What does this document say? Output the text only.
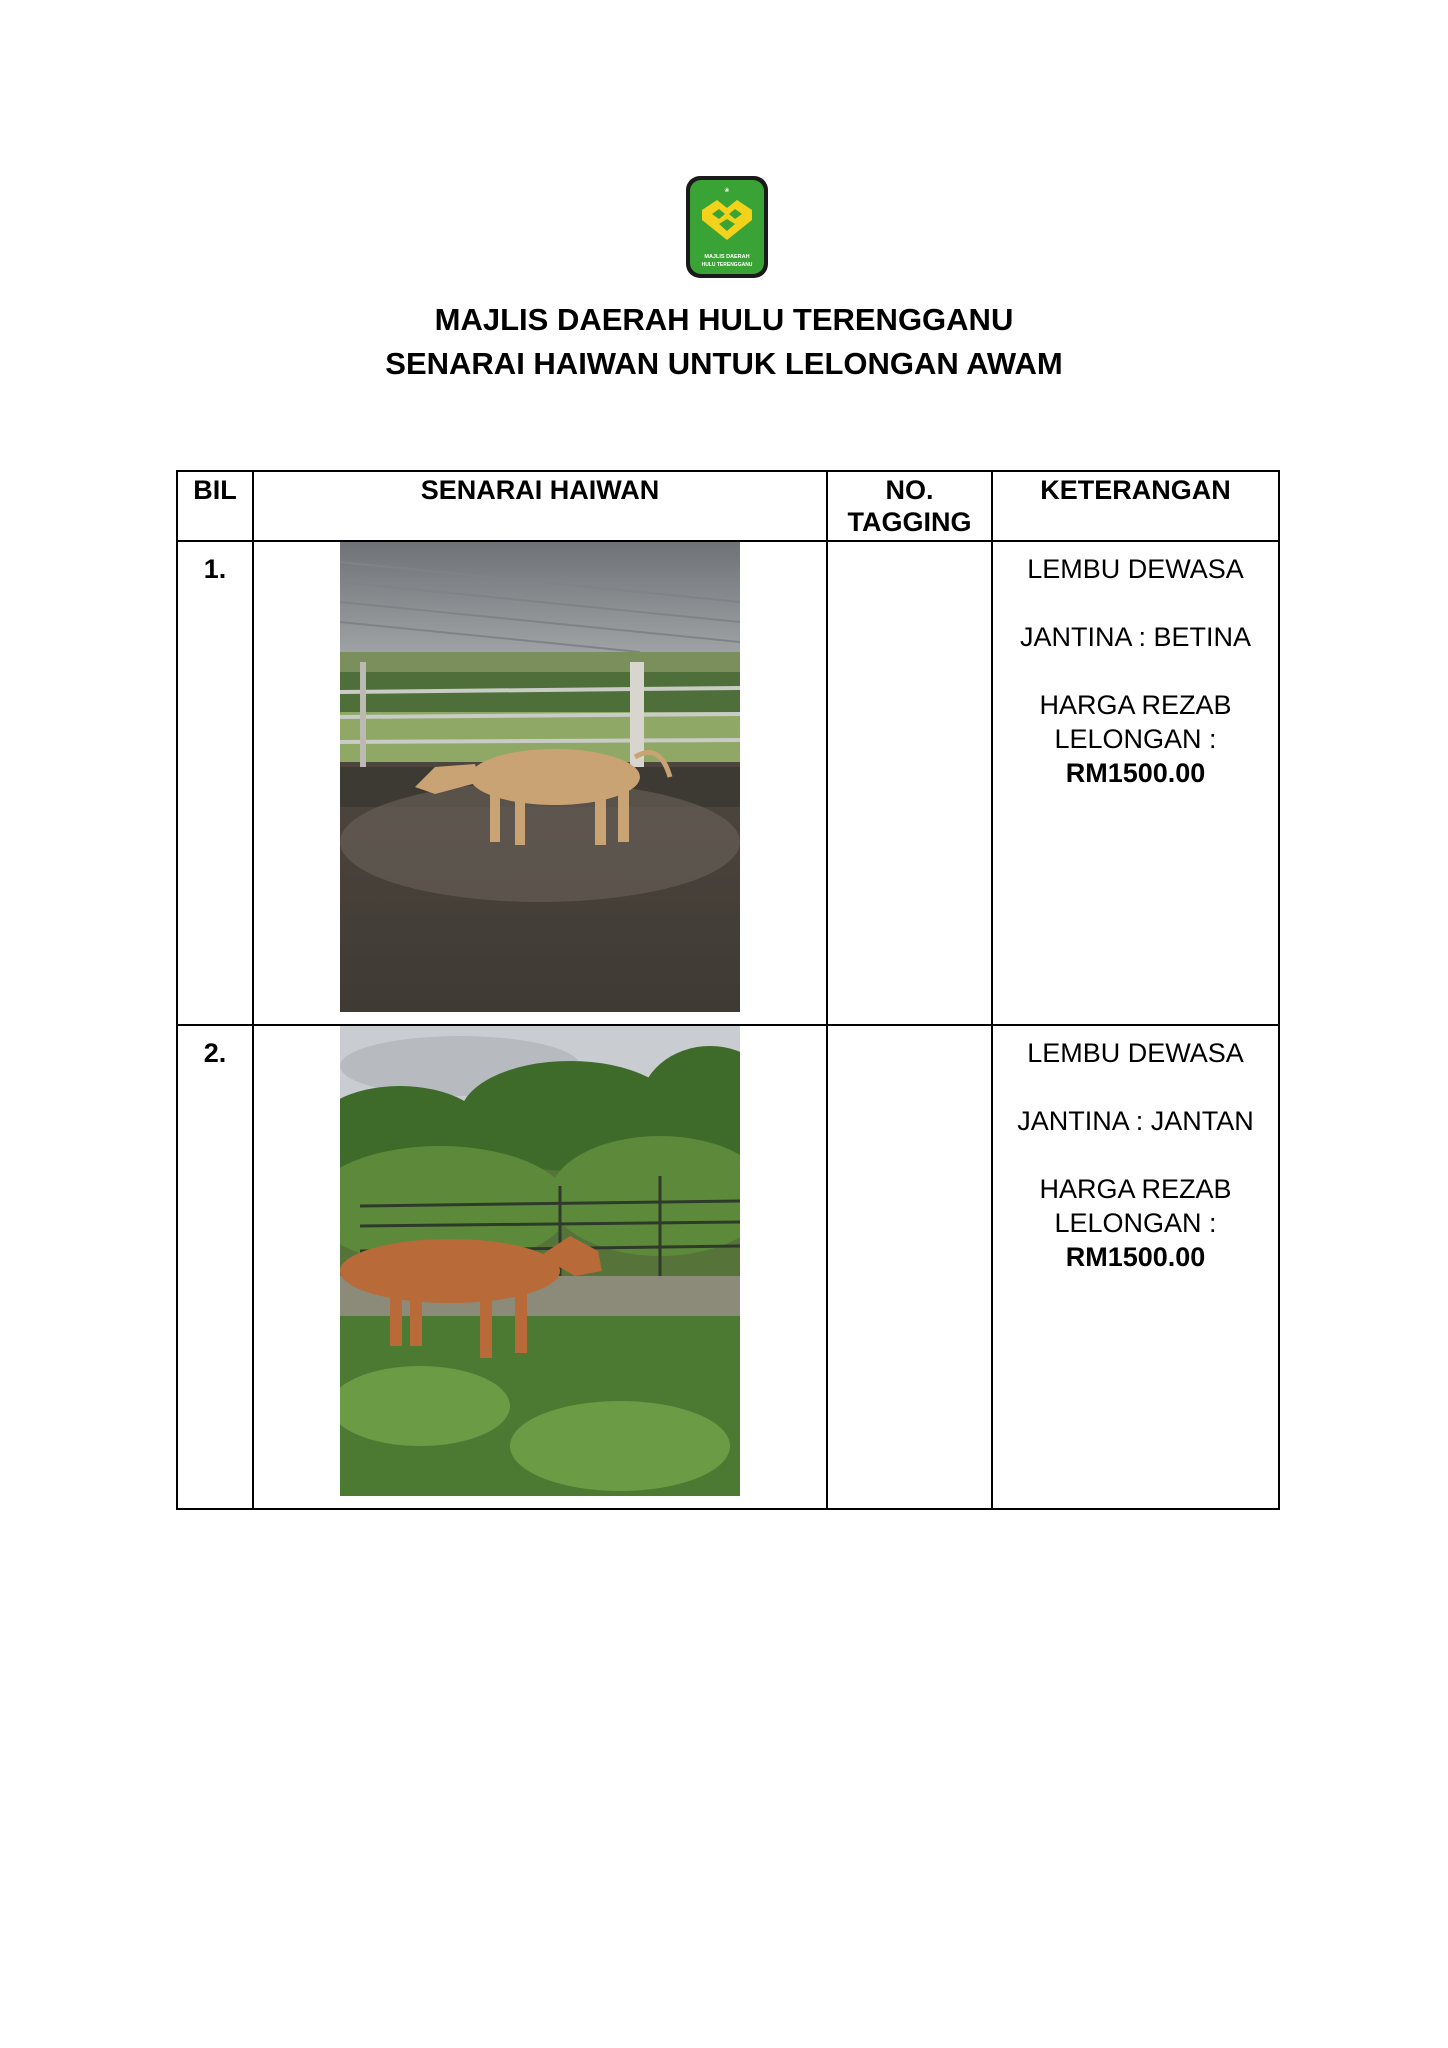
❀
MAJLIS DAERAH
HULU TERENGGANU
MAJLIS DAERAH HULU TERENGGANU
SENARAI HAIWAN UNTUK LELONGAN AWAM
BIL	SENARAI HAIWAN	NO. TAGGING	KETERANGAN
1.			LEMBU DEWASA

JANTINA : BETINA

HARGA REZAB
LELONGAN :
RM1500.00

2.			LEMBU DEWASA

JANTINA : JANTAN

HARGA REZAB
LELONGAN :
RM1500.00
